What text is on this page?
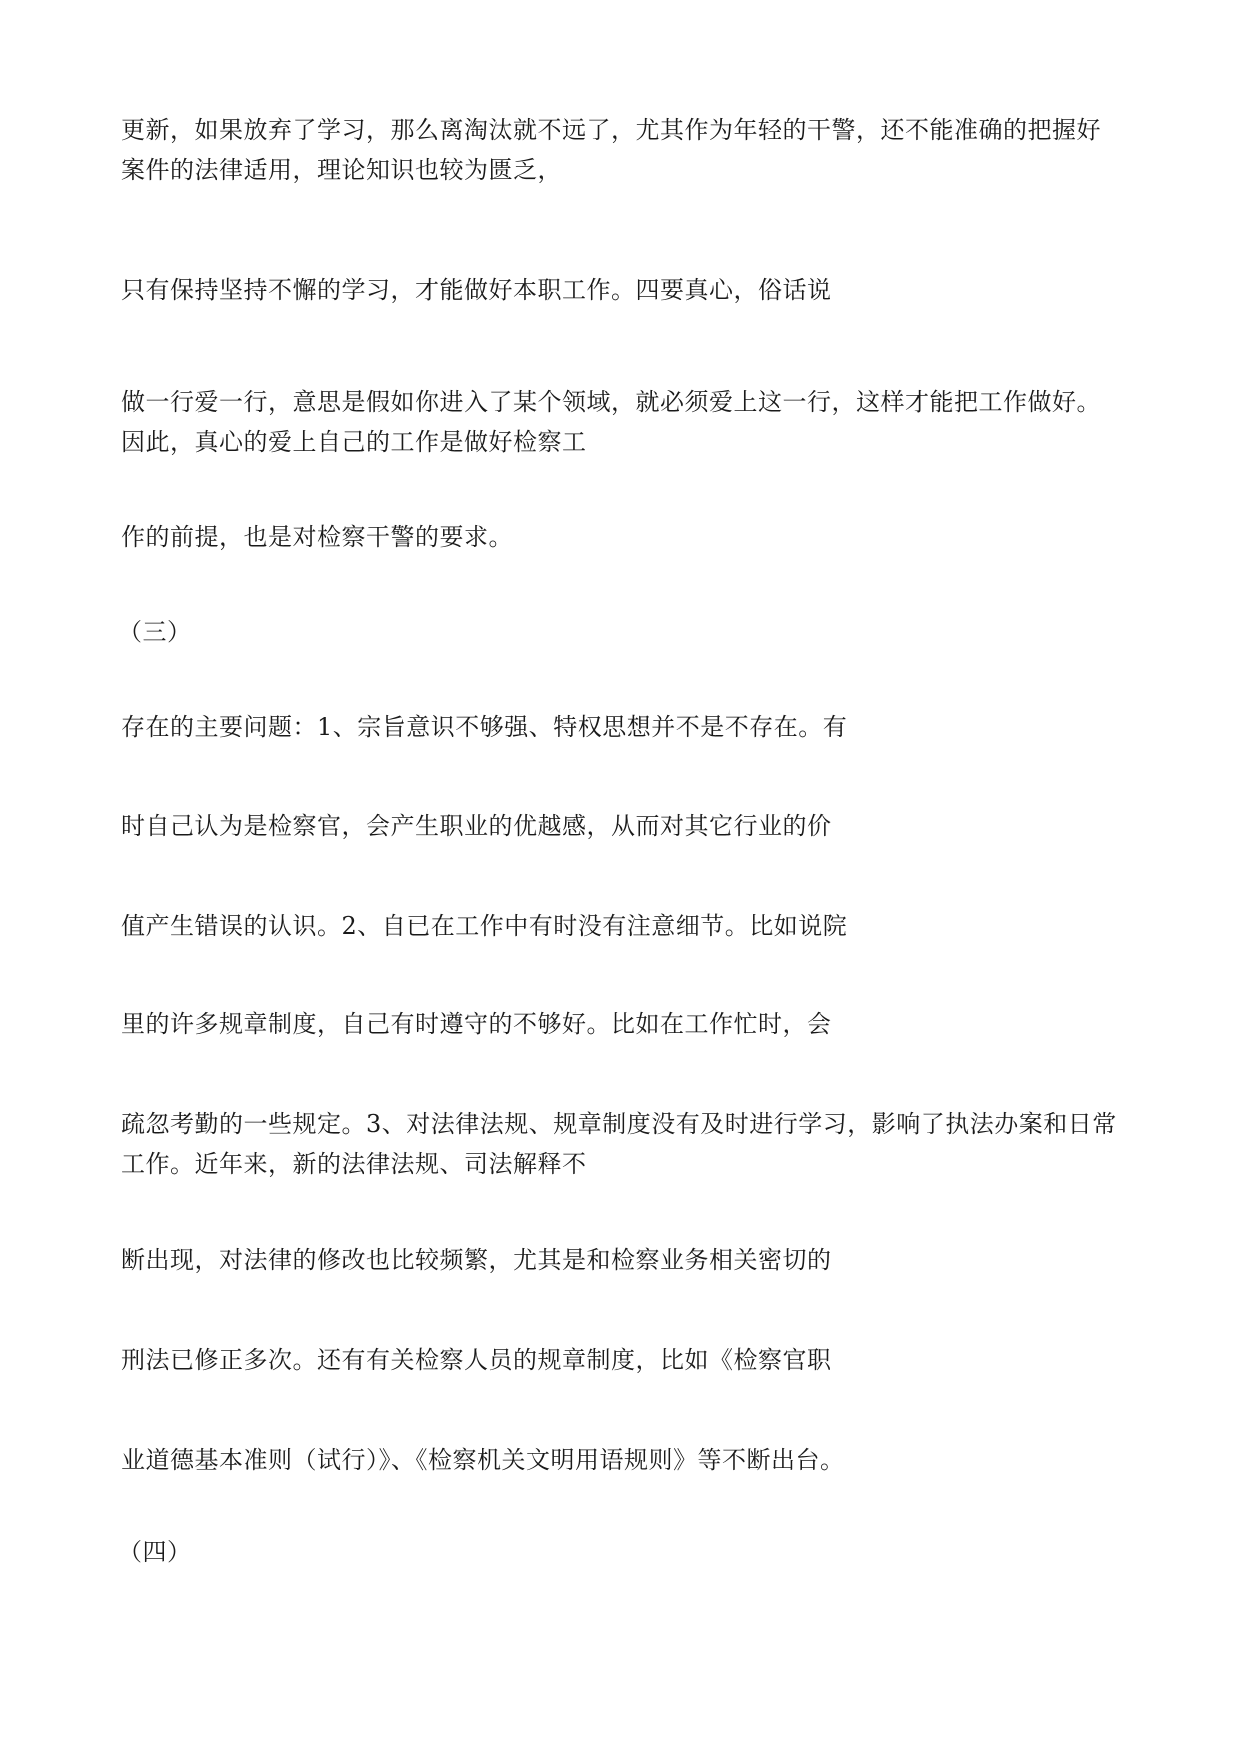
更新，如果放弃了学习，那么离淘汰就不远了，尤其作为年轻的干警，还不能准确的把握好

案件的法律适用，理论知识也较为匮乏，

只有保持坚持不懈的学习，才能做好本职工作。四要真心，俗话说

做一行爱一行，意思是假如你进入了某个领域，就必须爱上这一行，这样才能把工作做好。

因此，真心的爱上自己的工作是做好检察工

作的前提，也是对检察干警的要求。

（三）

存在的主要问题：1、宗旨意识不够强、特权思想并不是不存在。有

时自己认为是检察官，会产生职业的优越感，从而对其它行业的价

值产生错误的认识。2、自已在工作中有时没有注意细节。比如说院

里的许多规章制度，自己有时遵守的不够好。比如在工作忙时，会

疏忽考勤的一些规定。3、对法律法规、规章制度没有及时进行学习，影响了执法办案和日常

工作。近年来，新的法律法规、司法解释不

断出现，对法律的修改也比较频繁，尤其是和检察业务相关密切的

刑法已修正多次。还有有关检察人员的规章制度，比如《检察官职

业道德基本准则（试行）》、《检察机关文明用语规则》等不断出台。

（四）
